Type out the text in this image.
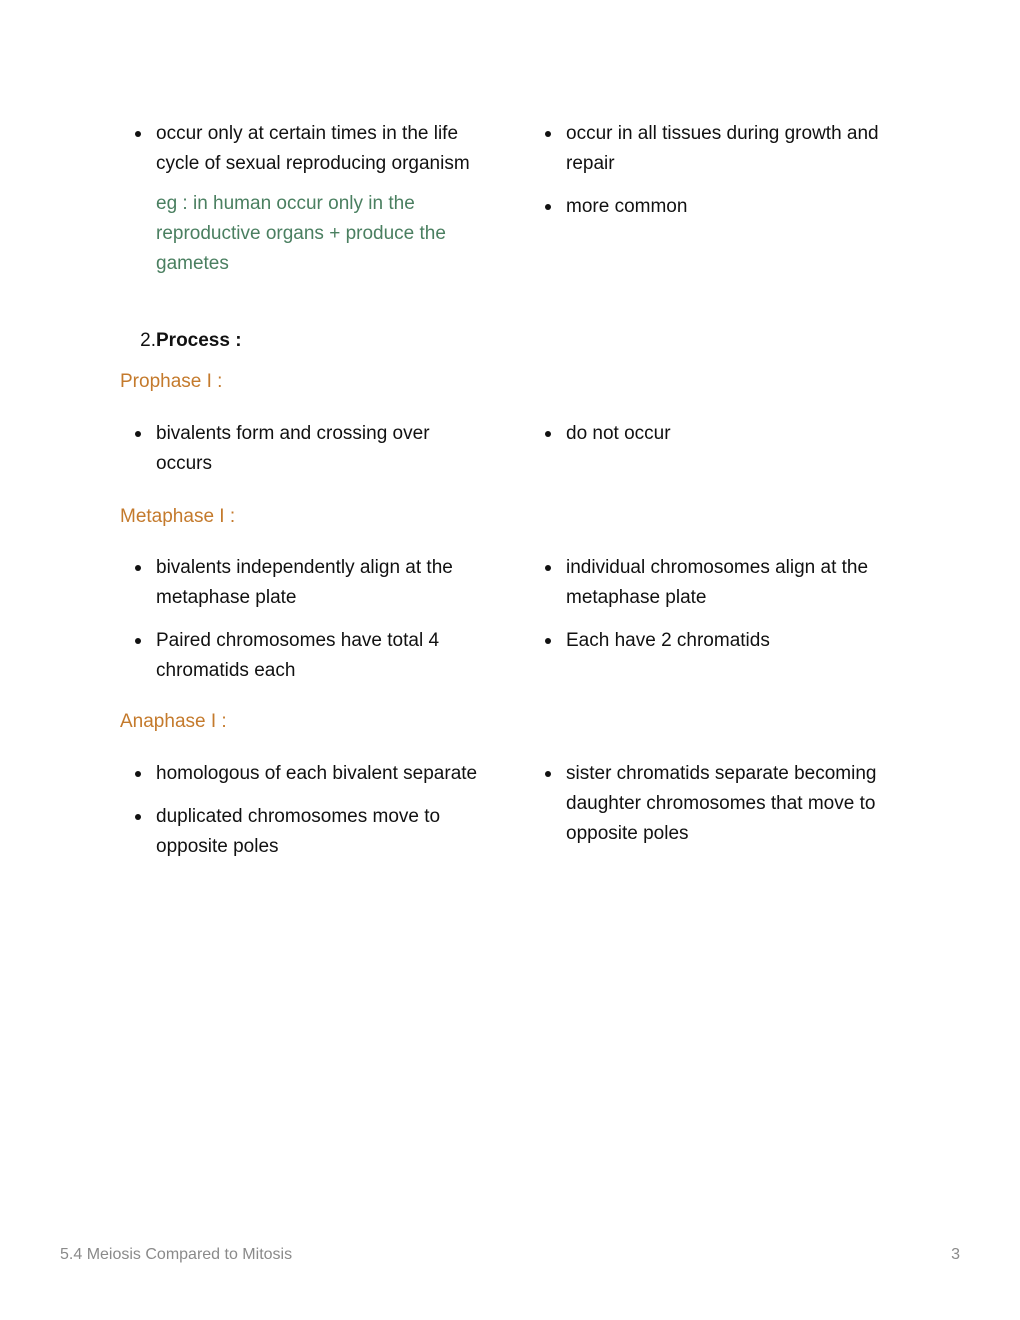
occur only at certain times in the life cycle of sexual reproducing organism
eg : in human occur only in the reproductive organs + produce the gametes
occur in all tissues during growth and repair
more common
2. Process :
Prophase I :
bivalents form and crossing over occurs
do not occur
Metaphase I :
bivalents independently align at the metaphase plate
Paired chromosomes have total 4 chromatids each
individual chromosomes align at the metaphase plate
Each have 2 chromatids
Anaphase I :
homologous of each bivalent separate
duplicated chromosomes move to opposite poles
sister chromatids separate becoming daughter chromosomes that move to opposite poles
5.4 Meiosis Compared to Mitosis	3
